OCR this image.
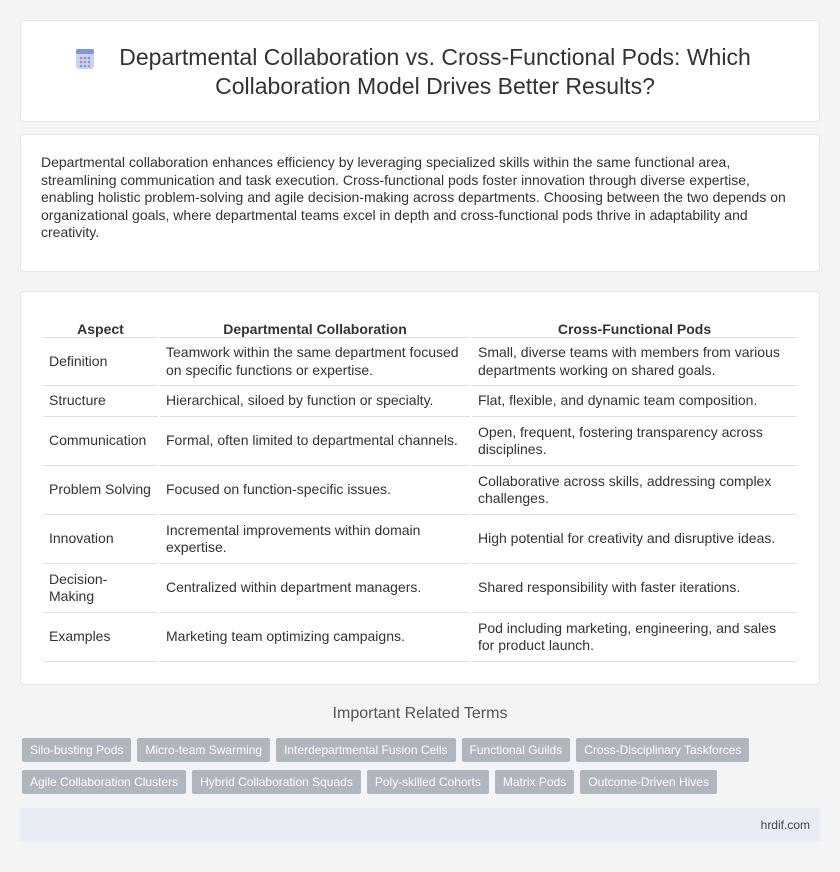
Departmental Collaboration vs. Cross-Functional Pods: Which Collaboration Model Drives Better Results?

Departmental collaboration enhances efficiency by leveraging specialized skills within the same functional area, streamlining communication and task execution. Cross-functional pods foster innovation through diverse expertise, enabling holistic problem-solving and agile decision-making across departments. Choosing between the two depends on organizational goals, where departmental teams excel in depth and cross-functional pods thrive in adaptability and creativity.

Aspect	Departmental Collaboration	Cross-Functional Pods
Definition	Teamwork within the same department focused on specific functions or expertise.	Small, diverse teams with members from various departments working on shared goals.
Structure	Hierarchical, siloed by function or specialty.	Flat, flexible, and dynamic team composition.
Communication	Formal, often limited to departmental channels.	Open, frequent, fostering transparency across disciplines.
Problem Solving	Focused on function-specific issues.	Collaborative across skills, addressing complex challenges.
Innovation	Incremental improvements within domain expertise.	High potential for creativity and disruptive ideas.
Decision-Making	Centralized within department managers.	Shared responsibility with faster iterations.
Examples	Marketing team optimizing campaigns.	Pod including marketing, engineering, and sales for product launch.
Important Related Terms
Silo-busting Pods	Micro-team Swarming	Interdepartmental Fusion Cells	Functional Guilds	Cross-Disciplinary Taskforces
Agile Collaboration Clusters	Hybrid Collaboration Squads	Poly-skilled Cohorts	Matrix Pods	Outcome-Driven Hives
hrdif.com
